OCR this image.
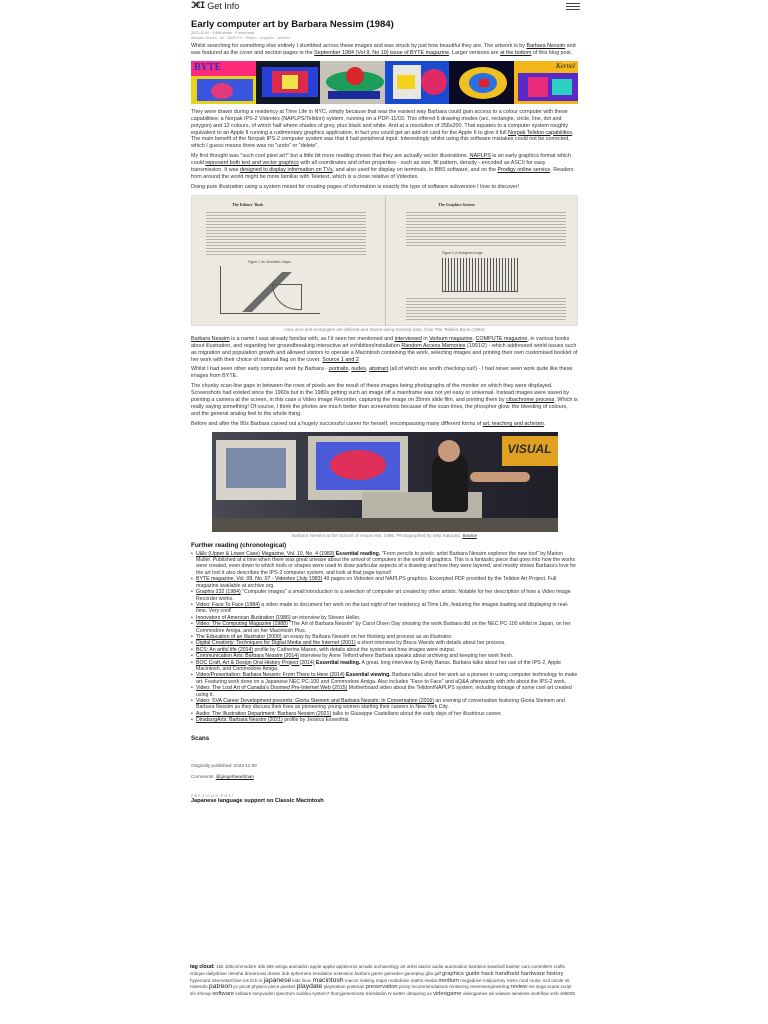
Ɔ€I Get Info
Early computer art by Barbara Nessim (1984)
2023-11-09 · 3,868 words · 9 mins read
Barbara Nessim · Art · NAPLPS · Telidon · Graphics · Women

Whilst searching for something else entirely I stumbled across these images and was struck by just how beautiful they are. The artwork is by Barbara Nessim and was featured as the cover and section pages in the September 1984 (Vol 9, No 10) issue of BYTE magazine. Larger versions are at the bottom of this blog post.

BYTE	Kernel

They were drawn during a residency at Time Life in NYC, simply because that was the easiest way Barbara could gain access to a colour computer with these capabilities: a Norpak IPS-2 Videotex (NAPLPS/Telidon) system, running on a PDP-11/03. This offered 6 drawing modes (arc, rectangle, circle, line, dot and polygon) and 12 colours, of which half where shades of grey, plus black and white. And at a resolution of 256x200. That equates to a computer system roughly equivalent to an Apple II running a rudimentary graphics application, in fact you could get an add-on card for the Apple II to give it full Norpak Telidon capabilities. The main benefit of the Norpak IPS-2 computer system was that it had peripheral input. Interestingly whilst using this software mistakes could not be corrected, which I guess means there was no "undo" or "delete".

My first thought was "such cool pixel art!" but a little bit more reading shows that they are actually vector illustrations. NAPLPS is an early graphics format which could represent both text and vector graphics with all coordinates and other properties - such as size, fill pattern, density - encoded as ASCII for easy transmission. It was designed to display information on TVs, and also used for display on terminals, in BBS software, and on the Prodigy online service. Readers from around the world might be more familiar with Teletext, which is a close relative of Videotex.

Doing pure illustration using a system meant for creating pages of information is exactly the type of software subversion I love to discover!

The Editors' Book
Figure 1: An Geometric Shape
The Graphics System
Figure 2: A Histogram Image
How arcs and rectangles are defined and stored using minimal data, from The Telidon Book (1984)

Barbara Nessim is a name I was already familiar with, as I'd seen her mentioned and interviewed in Verbum magazine, COMPUTE magazine, in various books about illustration, and regarding her groundbreaking interactive art exhibition/installation Random Access Memories (1991/2) - which addressed world issues such as migration and population growth and allowed visitors to operate a Macintosh containing the work, selecting images and printing their own customised booklet of her work with their choice of national flag on the cover. Source 1 and 2

Whilst I had seen other early computer work by Barbara - portraits, nudes, abstract (all of which are worth checking out!) - I had never seen work quite like these images from BYTE.

The chunky scan-line gaps in between the rows of pixels are the result of these images being photographs of the monitor on which they were displayed. Screenshots had existed since the 1960s but in the 1980s getting such an image off a mainframe was not yet easy or universal. Instead images were saved by pointing a camera at the screen, in this case a Video Image Recorder, capturing the image on 35mm slide film, and printing them by cibachrome process. Which is really saying something! Of course, I think the photos are much better than screenshots because of the scan-lines, the phosphor glow, the bleeding of colours, and the general analog feel to the whole thing.

Before and after the 80s Barbara carved out a hugely successful career for herself, encompassing many different forms of art, teaching and activism.

VISUAL
Barbara Nessim at the School of Visual Arts, 1986. Photographed by Seiji Kakizaki. Source
Further reading (chronological)
• U&lc (Upper & Lower Case) Magazine, Vol. 10, No. 4 (1983) Essential reading. "From pencils to pixels: artist Barbara Nessim explores the new tool" by Marion Muller. Published at a time when there was great unease about the arrival of computers in the world of graphics. This is a fantastic piece that goes into how the works were created, even down to which tools or shapes were used to draw particular aspects of a drawing and how they were layered, and mostly shows Barbara's love for the art tool it also describes the IPS-2 computer system, and look at that page layout!
• BYTE magazine, Vol. 09, No. 07 - Videotex (July 1983) 49 pages on Videotex and NAPLPS graphics. Excerpted PDF provided by the Telidon Art Project. Full magazine available at archive.org.
• Graphis 232 (1984) "Computer images" a small introduction to a selection of computer art created by other artists. Notable for her description of how a Video Image Recorder works.
• Video: Face To Face (1984) a video made to document her work on the last night of her residency at Time Life, featuring the images loading and displaying in real-time. Very cool!
• Innovators of American Illustration (1986) an interview by Steven Heller.
• Video: The Computing Magazine (1988) "The Art of Barbara Nessim" by Carol Olsen Day showing the work Barbara did on the NEC PC-100 whilst in Japan, on her Commodore Amiga, and on her Macintosh Plus.
• The Education of an Illustrator (2000) an essay by Barbara Nessim on her thinking and process as an illustrator.
• Digital Creativity: Techniques for Digital Media and the Internet (2001) a short interview by Bruce Wands with details about her process.
• BCS: An artful life (2014) profile by Catherine Mason, with details about the system and how images were output.
• Communication Arts: Barbara Nessim (2014) interview by Anne Telford where Barbara speaks about archiving and keeping her work fresh.
• BOC Craft, Art & Design Oral History Project (2014) Essential reading. A great, long interview by Emily Banas. Barbara talks about her use of the IPS-2, Apple Macintosh, and Commodore Amiga.
• Video/Presentation: Barbara Nessim: From There to Here (2014) Essential viewing. Barbara talks about her work as a pioneer in using computer technology to make art. Featuring work done on a Japanese NEC PC-100 and Commodore Amiga. Also includes "Face to Face" and aQ&A afterwards with info about the IPS-2 work.
• Video: The Lost Art of Canada's Doomed Pre-Internet Web (2015) Motherboard video about the Telidon/NAPLPS system, including footage of some cool art created using it.
• Video: SVA Career Development presents: Gloria Steinem and Barbara Nessim: In Conversation (2016) an evening of conversation featuring Gloria Steinem and Barbara Nessim as they discuss their lives as pioneering young women starting their careers in New York City.
• Audio: The Illustration Department: Barbara Nessim (2021) talks to Giuseppe Castellano about the early days of her illustrious career.
• DinaburgArts: Barbara Nessim (2021) profile by Jessica Essenthal.
Scans
--
Originally published: 2023-11-09
--
Comments: @gingerbeardman
PREVIOUS POST
Japanese language support on Classic Macintosh
tag cloud: 1bit 1bitcommodore 3ds 68k amiga animation apple applei apptivoros arcade archaeology art artist atariot audio automation bambion baseball basher cars controllers crafts critique dailydriver densha dreamcast dream dub ephemera emulation extension fanbom game gamedev gameplay gba gdf graphics guide hack handheld hardware history hypercard internetarchive ios itch.io japanese kids linux macintosh macos making maps markdown maths media medium megadrive midjourney mimo mod music ncd nicole nit nintendo patreon pc pico8 physics piece pixelart playdate playstation postman preservation proxy recommendations rendering reverseengineering review rss sega scans script sfx shmup software solitaire sonyvaden spectrum sudoku system7 thonyjamesmoto translation tv twitter ultrapong ux videogame videogames wii wiiware windows workflow xmb x68000
